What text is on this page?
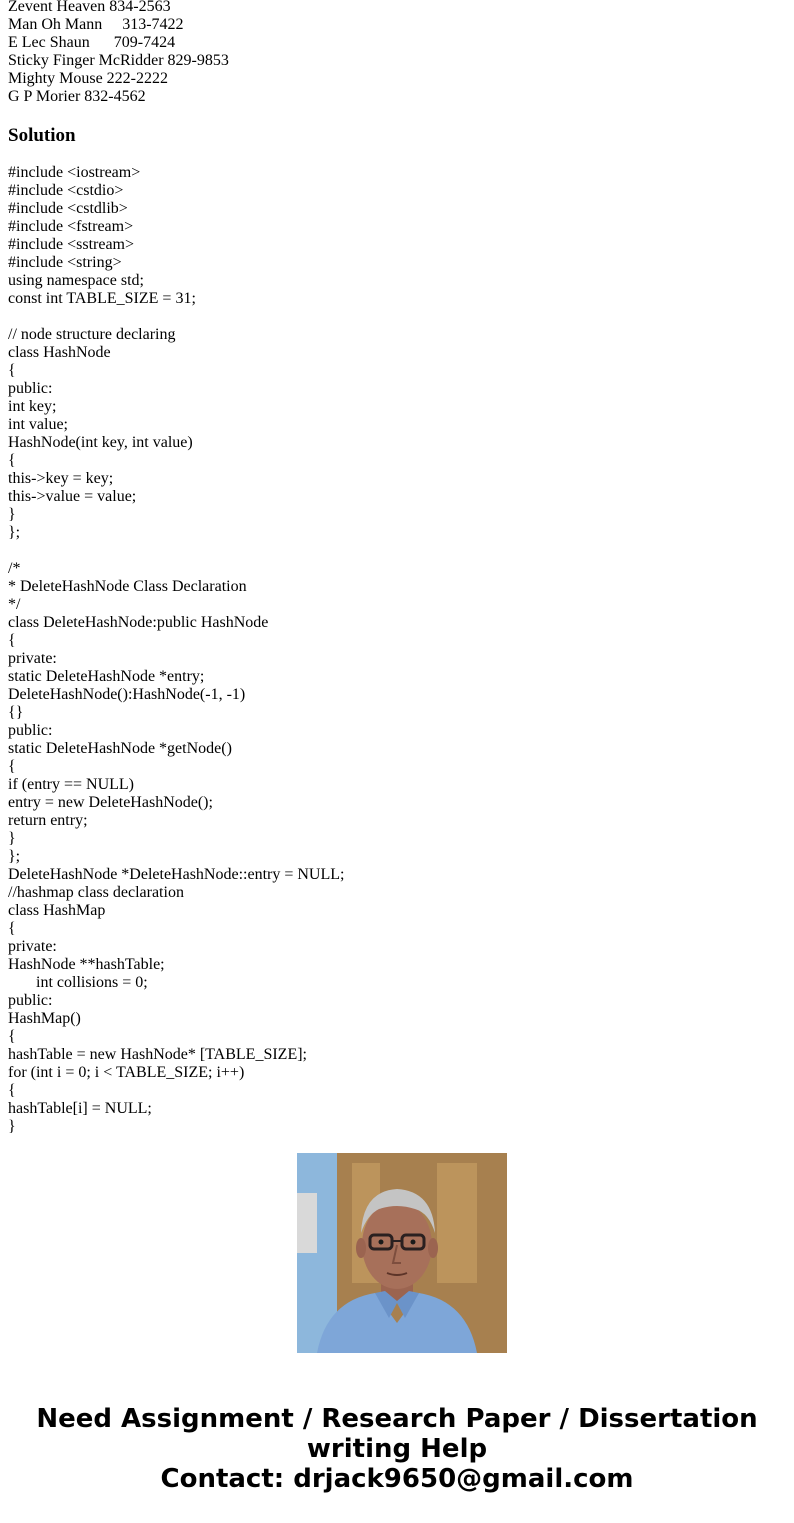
Zevent Heaven 834-2563
Man Oh Mann     313-7422
E Lec Shaun      709-7424
Sticky Finger McRidder 829-9853
Mighty Mouse 222-2222
G P Morier 832-4562
Solution
#include <iostream>
#include <cstdio>
#include <cstdlib>
#include <fstream>
#include <sstream>
#include <string>
using namespace std;
const int TABLE_SIZE = 31;
// node structure declaring
class HashNode
{
public:
int key;
int value;
HashNode(int key, int value)
{
this->key = key;
this->value = value;
}
};
/*
* DeleteHashNode Class Declaration
*/
class DeleteHashNode:public HashNode
{
private:
static DeleteHashNode *entry;
DeleteHashNode():HashNode(-1, -1)
{}
public:
static DeleteHashNode *getNode()
{
if (entry == NULL)
entry = new DeleteHashNode();
return entry;
}
};
DeleteHashNode *DeleteHashNode::entry = NULL;
//hashmap class declaration
class HashMap
{
private:
HashNode **hashTable;
int collisions = 0;
public:
HashMap()
{
hashTable = new HashNode* [TABLE_SIZE];
for (int i = 0; i < TABLE_SIZE; i++)
{
hashTable[i] = NULL;
}
Need Assignment / Research Paper / Dissertation
writing Help
Contact: drjack9650@gmail.com
